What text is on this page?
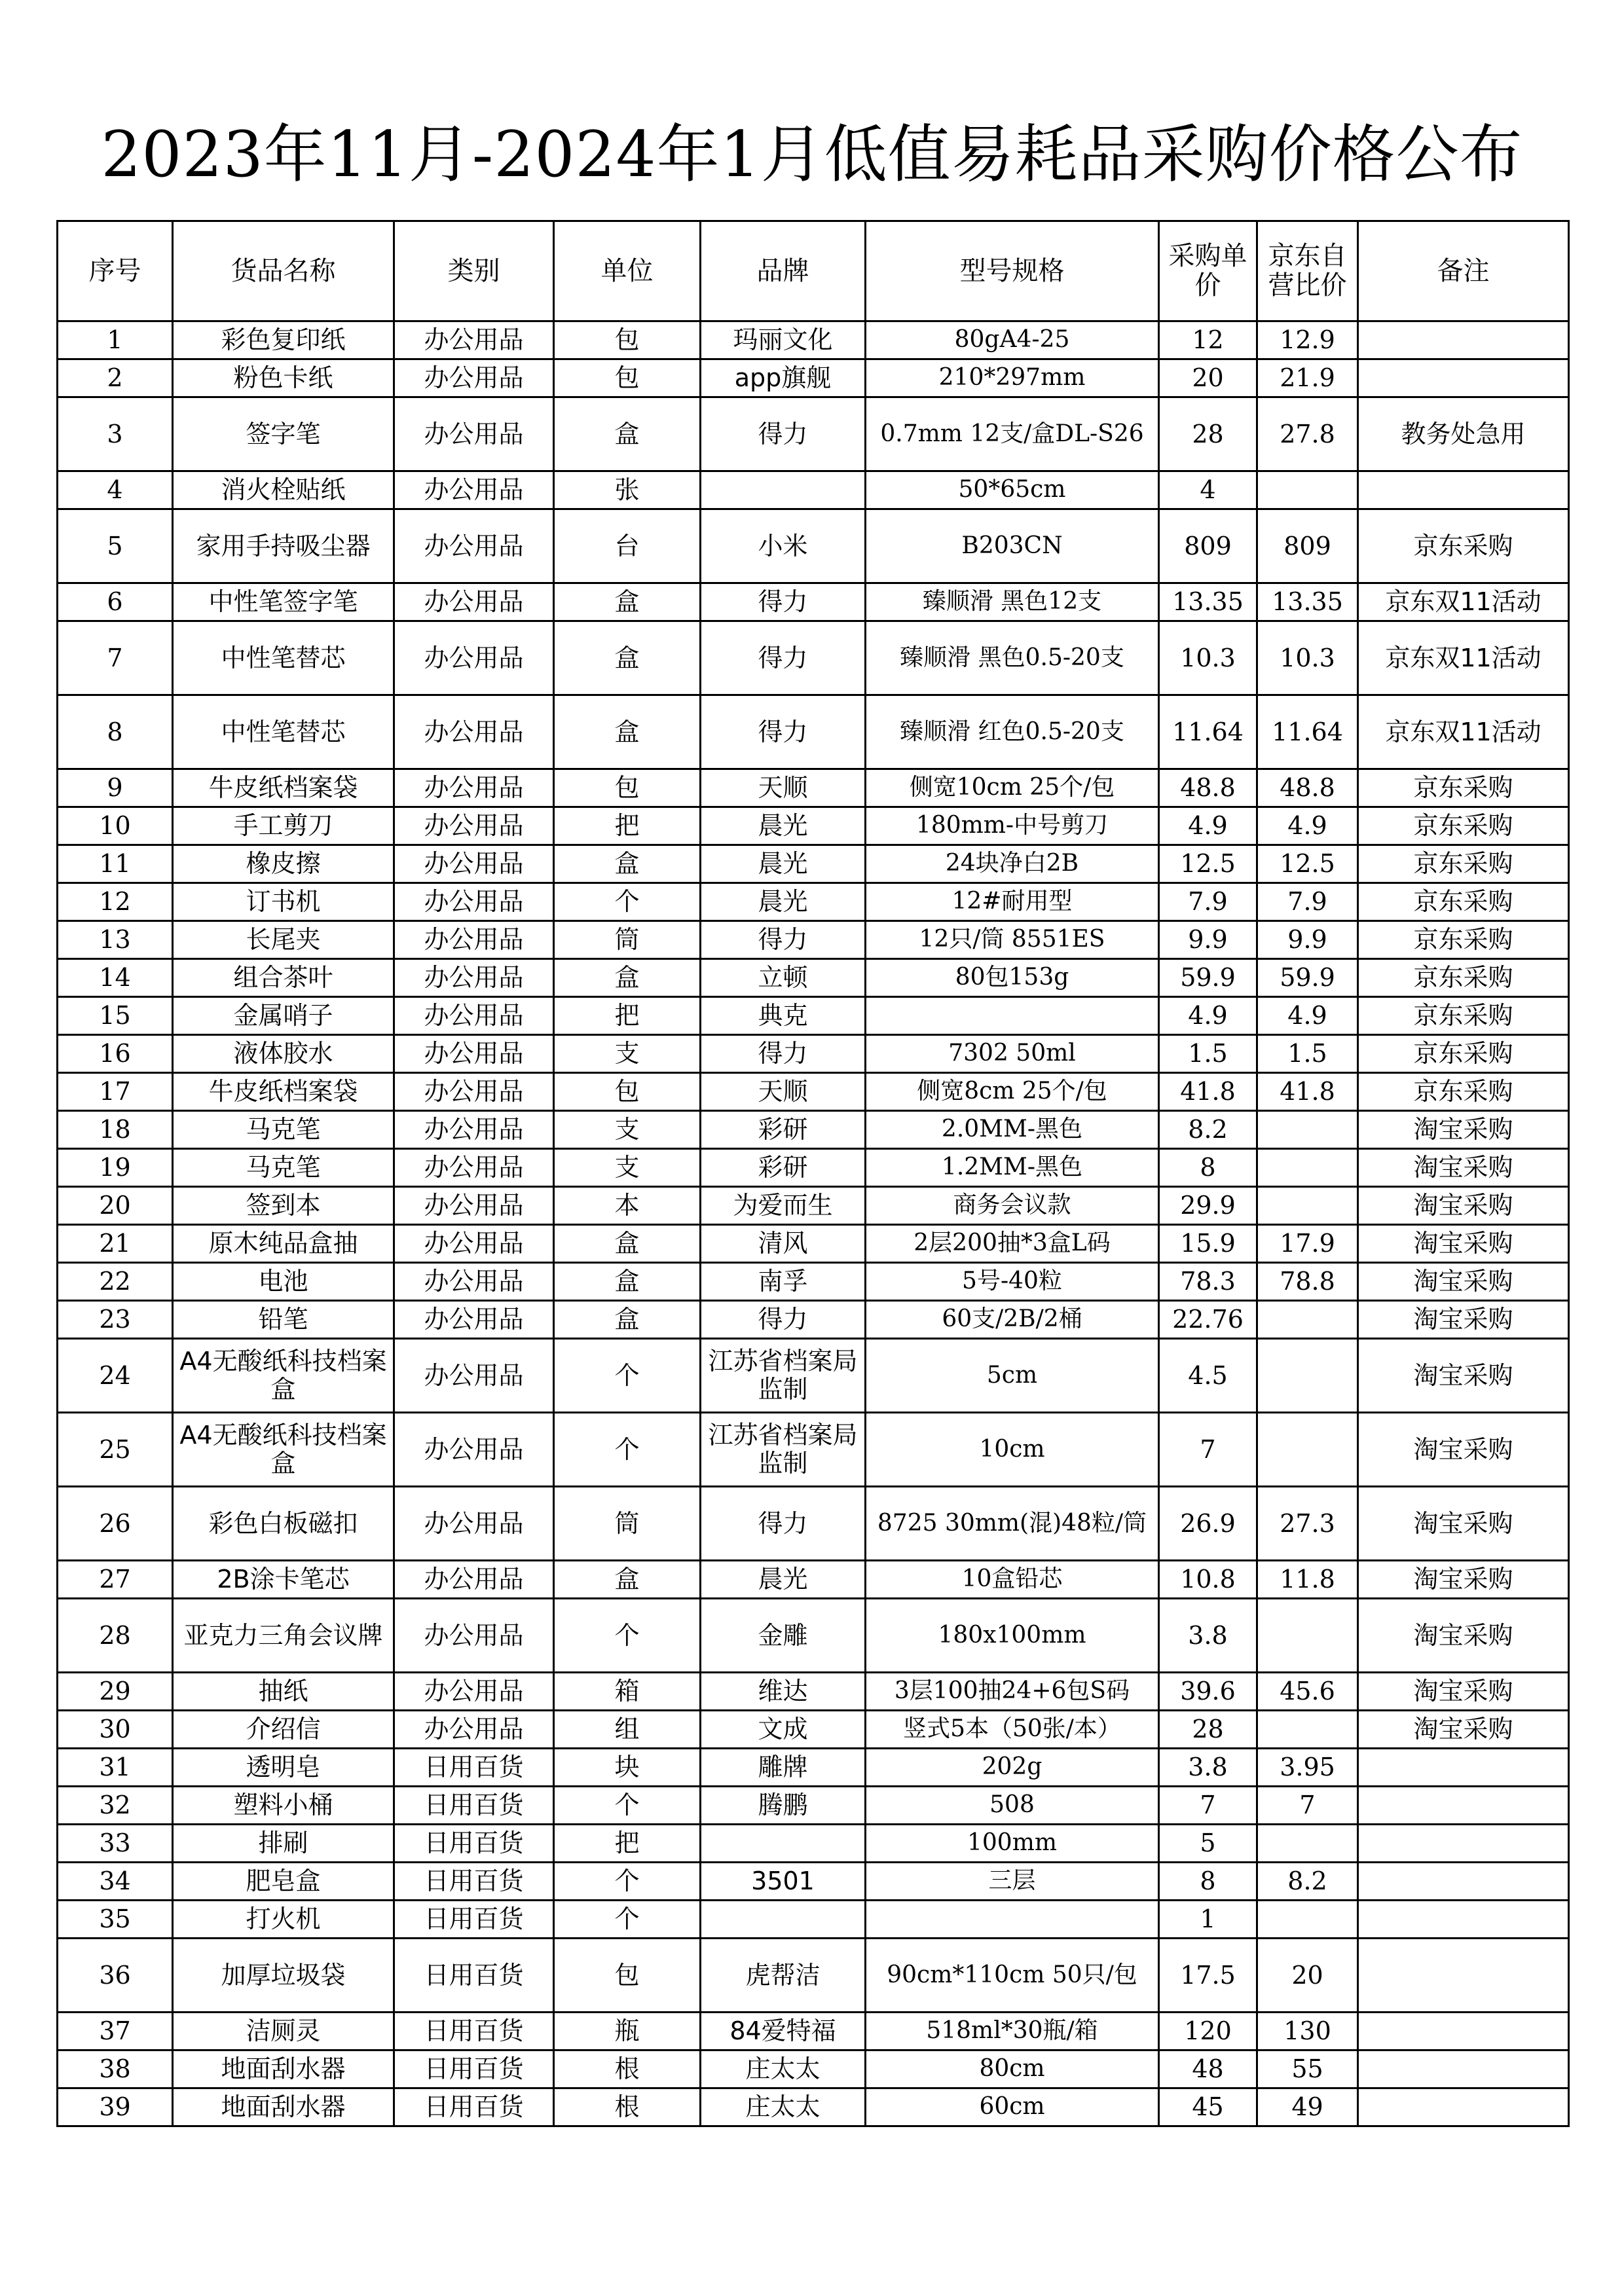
2023年11月-2024年1月低值易耗品采购价格公布
序号	货品名称	类别	单位	品牌	型号规格	采购单价	京东自营比价	备注
1	彩色复印纸	办公用品	包	玛丽文化	80gA4-25	12	12.9	
2	粉色卡纸	办公用品	包	app旗舰	210*297mm	20	21.9	
3	签字笔	办公用品	盒	得力	0.7mm 12支/盒DL-S26	28	27.8	教务处急用
4	消火栓贴纸	办公用品	张		50*65cm	4		
5	家用手持吸尘器	办公用品	台	小米	B203CN	809	809	京东采购
6	中性笔签字笔	办公用品	盒	得力	臻顺滑 黑色12支	13.35	13.35	京东双11活动
7	中性笔替芯	办公用品	盒	得力	臻顺滑 黑色0.5-20支	10.3	10.3	京东双11活动
8	中性笔替芯	办公用品	盒	得力	臻顺滑 红色0.5-20支	11.64	11.64	京东双11活动
9	牛皮纸档案袋	办公用品	包	天顺	侧宽10cm 25个/包	48.8	48.8	京东采购
10	手工剪刀	办公用品	把	晨光	180mm-中号剪刀	4.9	4.9	京东采购
11	橡皮擦	办公用品	盒	晨光	24块净白2B	12.5	12.5	京东采购
12	订书机	办公用品	个	晨光	12#耐用型	7.9	7.9	京东采购
13	长尾夹	办公用品	筒	得力	12只/筒 8551ES	9.9	9.9	京东采购
14	组合茶叶	办公用品	盒	立顿	80包153g	59.9	59.9	京东采购
15	金属哨子	办公用品	把	典克		4.9	4.9	京东采购
16	液体胶水	办公用品	支	得力	7302 50ml	1.5	1.5	京东采购
17	牛皮纸档案袋	办公用品	包	天顺	侧宽8cm 25个/包	41.8	41.8	京东采购
18	马克笔	办公用品	支	彩研	2.0MM-黑色	8.2		淘宝采购
19	马克笔	办公用品	支	彩研	1.2MM-黑色	8		淘宝采购
20	签到本	办公用品	本	为爱而生	商务会议款	29.9		淘宝采购
21	原木纯品盒抽	办公用品	盒	清风	2层200抽*3盒L码	15.9	17.9	淘宝采购
22	电池	办公用品	盒	南孚	5号-40粒	78.3	78.8	淘宝采购
23	铅笔	办公用品	盒	得力	60支/2B/2桶	22.76		淘宝采购
24	A4无酸纸科技档案盒	办公用品	个	江苏省档案局监制	5cm	4.5		淘宝采购
25	A4无酸纸科技档案盒	办公用品	个	江苏省档案局监制	10cm	7		淘宝采购
26	彩色白板磁扣	办公用品	筒	得力	8725 30mm(混)48粒/筒	26.9	27.3	淘宝采购
27	2B涂卡笔芯	办公用品	盒	晨光	10盒铅芯	10.8	11.8	淘宝采购
28	亚克力三角会议牌	办公用品	个	金雕	180x100mm	3.8		淘宝采购
29	抽纸	办公用品	箱	维达	3层100抽24+6包S码	39.6	45.6	淘宝采购
30	介绍信	办公用品	组	文成	竖式5本（50张/本）	28		淘宝采购
31	透明皂	日用百货	块	雕牌	202g	3.8	3.95	
32	塑料小桶	日用百货	个	腾鹏	508	7	7	
33	排刷	日用百货	把		100mm	5		
34	肥皂盒	日用百货	个	3501	三层	8	8.2	
35	打火机	日用百货	个			1		
36	加厚垃圾袋	日用百货	包	虎帮洁	90cm*110cm 50只/包	17.5	20	
37	洁厕灵	日用百货	瓶	84爱特福	518ml*30瓶/箱	120	130	
38	地面刮水器	日用百货	根	庄太太	80cm	48	55	
39	地面刮水器	日用百货	根	庄太太	60cm	45	49	
